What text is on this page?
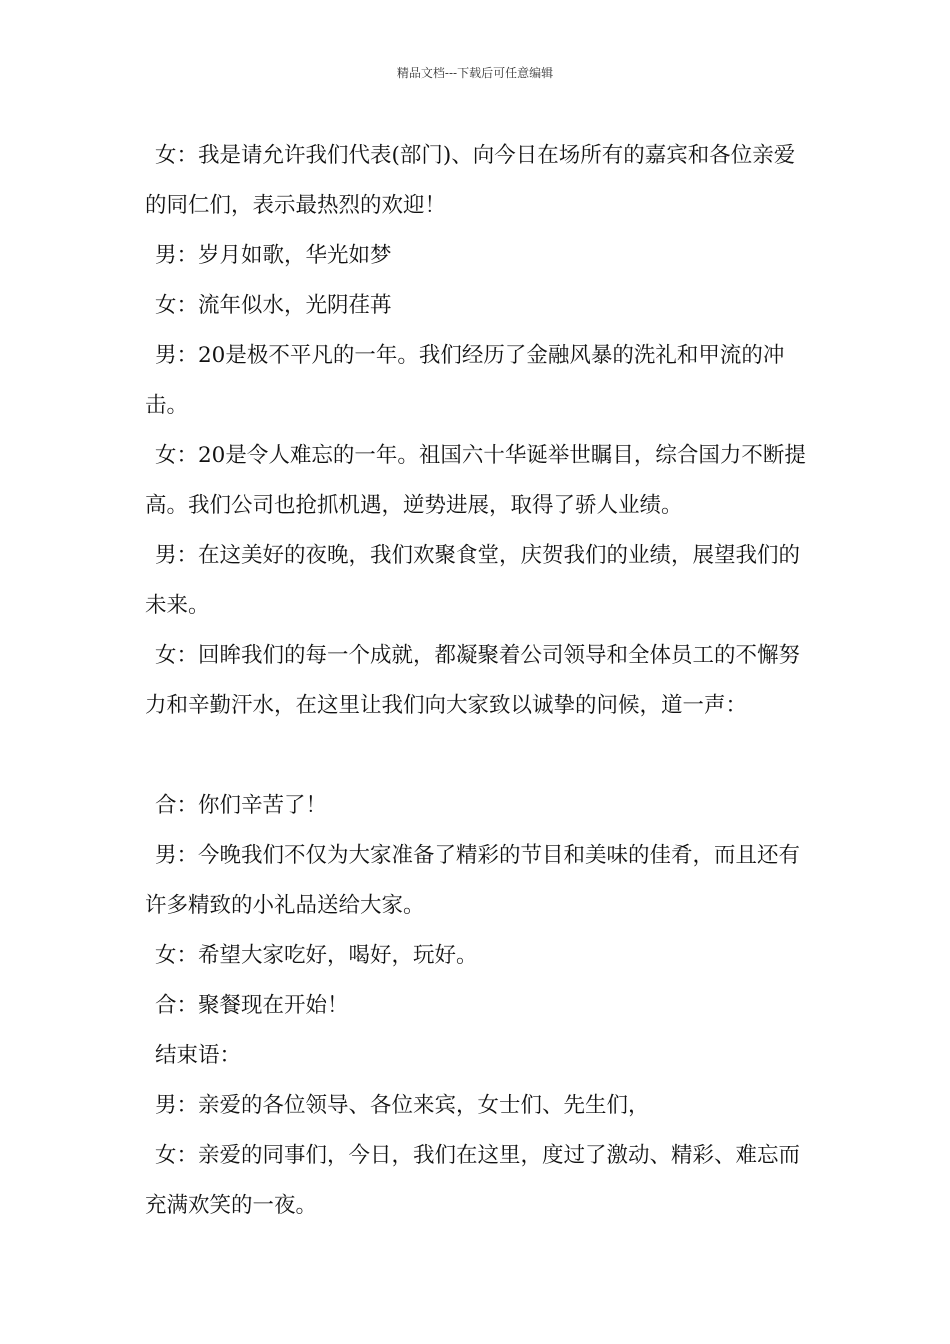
精品文档---下载后可任意编辑

女：我是请允许我们代表(部门)、向今日在场所有的嘉宾和各位亲爱的同仁们，表示最热烈的欢迎！

男：岁月如歌，华光如梦

女：流年似水，光阴荏苒

男：20是极不平凡的一年。我们经历了金融风暴的洗礼和甲流的冲击。

女：20是令人难忘的一年。祖国六十华诞举世瞩目，综合国力不断提高。我们公司也抢抓机遇，逆势进展，取得了骄人业绩。

男：在这美好的夜晚，我们欢聚食堂，庆贺我们的业绩，展望我们的未来。

女：回眸我们的每一个成就，都凝聚着公司领导和全体员工的不懈努力和辛勤汗水，在这里让我们向大家致以诚挚的问候，道一声：

合：你们辛苦了！

男：今晚我们不仅为大家准备了精彩的节目和美味的佳肴，而且还有许多精致的小礼品送给大家。

女：希望大家吃好，喝好，玩好。

合：聚餐现在开始！

结束语：

男：亲爱的各位领导、各位来宾，女士们、先生们，

女：亲爱的同事们，今日，我们在这里，度过了激动、精彩、难忘而充满欢笑的一夜。
